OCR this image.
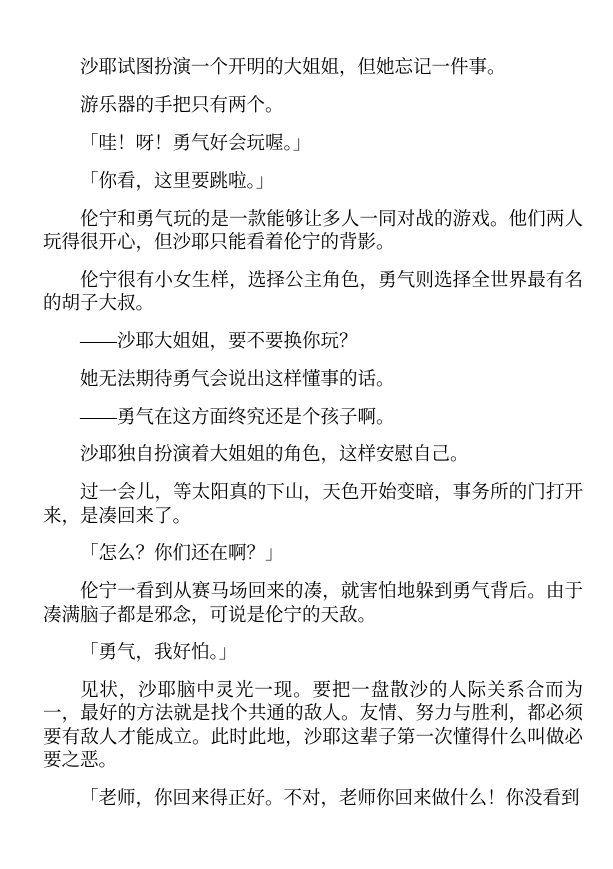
沙耶试图扮演一个开明的大姐姐，但她忘记一件事。

游乐器的手把只有两个。

「哇！呀！勇气好会玩喔。」

「你看，这里要跳啦。」

伦宁和勇气玩的是一款能够让多人一同对战的游戏。他们两人玩得很开心，但沙耶只能看着伦宁的背影。

伦宁很有小女生样，选择公主角色，勇气则选择全世界最有名的胡子大叔。

——沙耶大姐姐，要不要换你玩？

她无法期待勇气会说出这样懂事的话。

——勇气在这方面终究还是个孩子啊。

沙耶独自扮演着大姐姐的角色，这样安慰自己。

过一会儿，等太阳真的下山，天色开始变暗，事务所的门打开来，是凑回来了。

「怎么？你们还在啊？」

伦宁一看到从赛马场回来的凑，就害怕地躲到勇气背后。由于凑满脑子都是邪念，可说是伦宁的天敌。

「勇气，我好怕。」

见状，沙耶脑中灵光一现。要把一盘散沙的人际关系合而为一，最好的方法就是找个共通的敌人。友情、努力与胜利，都必须要有敌人才能成立。此时此地，沙耶这辈子第一次懂得什么叫做必要之恶。

「老师，你回来得正好。不对，老师你回来做什么！你没看到
